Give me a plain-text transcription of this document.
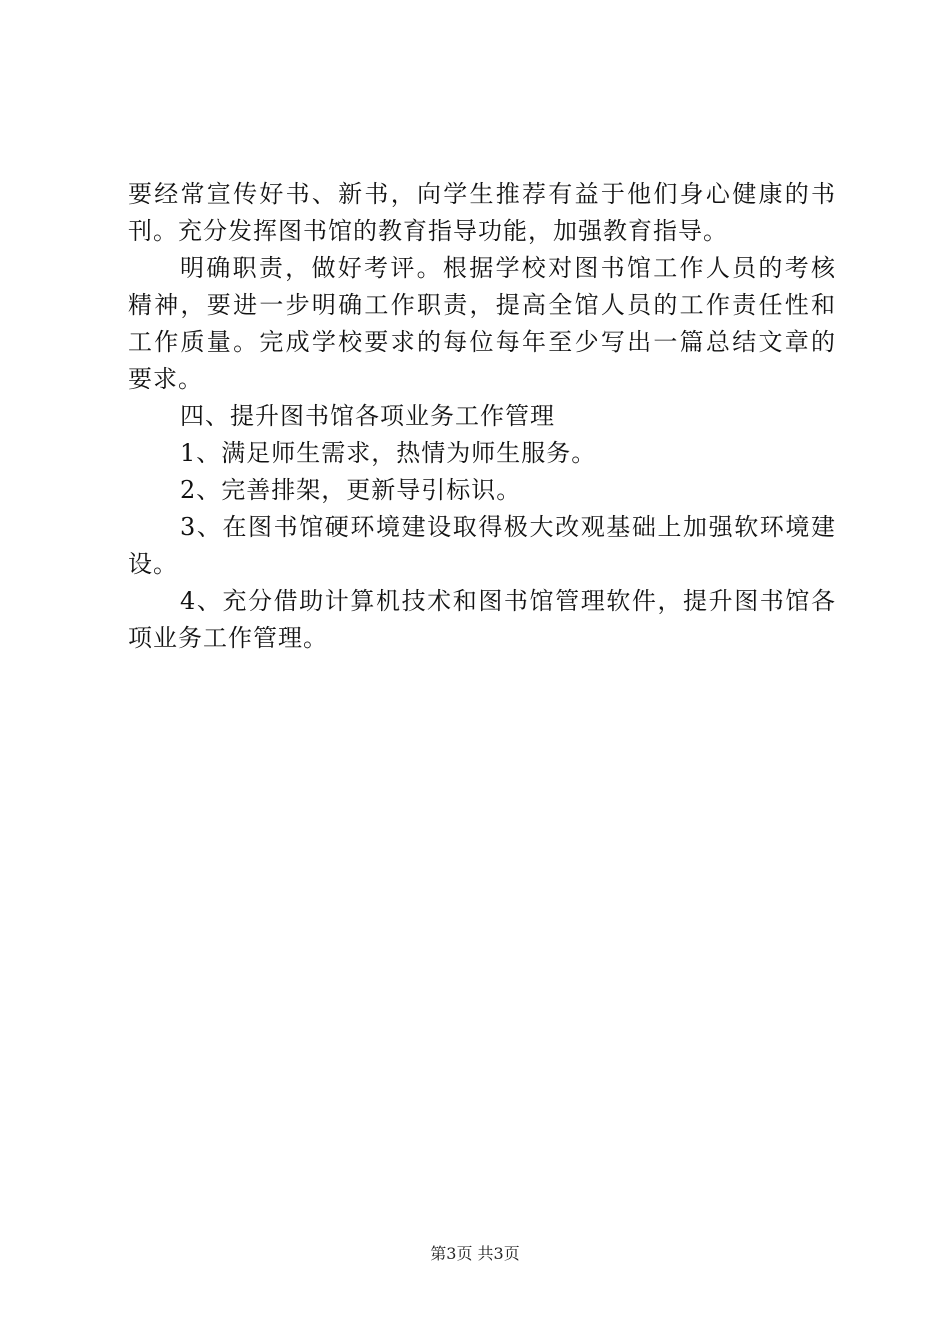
要经常宣传好书、新书，向学生推荐有益于他们身心健康的书
刊。充分发挥图书馆的教育指导功能，加强教育指导。
明确职责，做好考评。根据学校对图书馆工作人员的考核
精神，要进一步明确工作职责，提高全馆人员的工作责任性和
工作质量。完成学校要求的每位每年至少写出一篇总结文章的
要求。
四、提升图书馆各项业务工作管理
1、满足师生需求，热情为师生服务。
2、完善排架，更新导引标识。
3、在图书馆硬环境建设取得极大改观基础上加强软环境建
设。
4、充分借助计算机技术和图书馆管理软件，提升图书馆各
项业务工作管理。
第3页 共3页
